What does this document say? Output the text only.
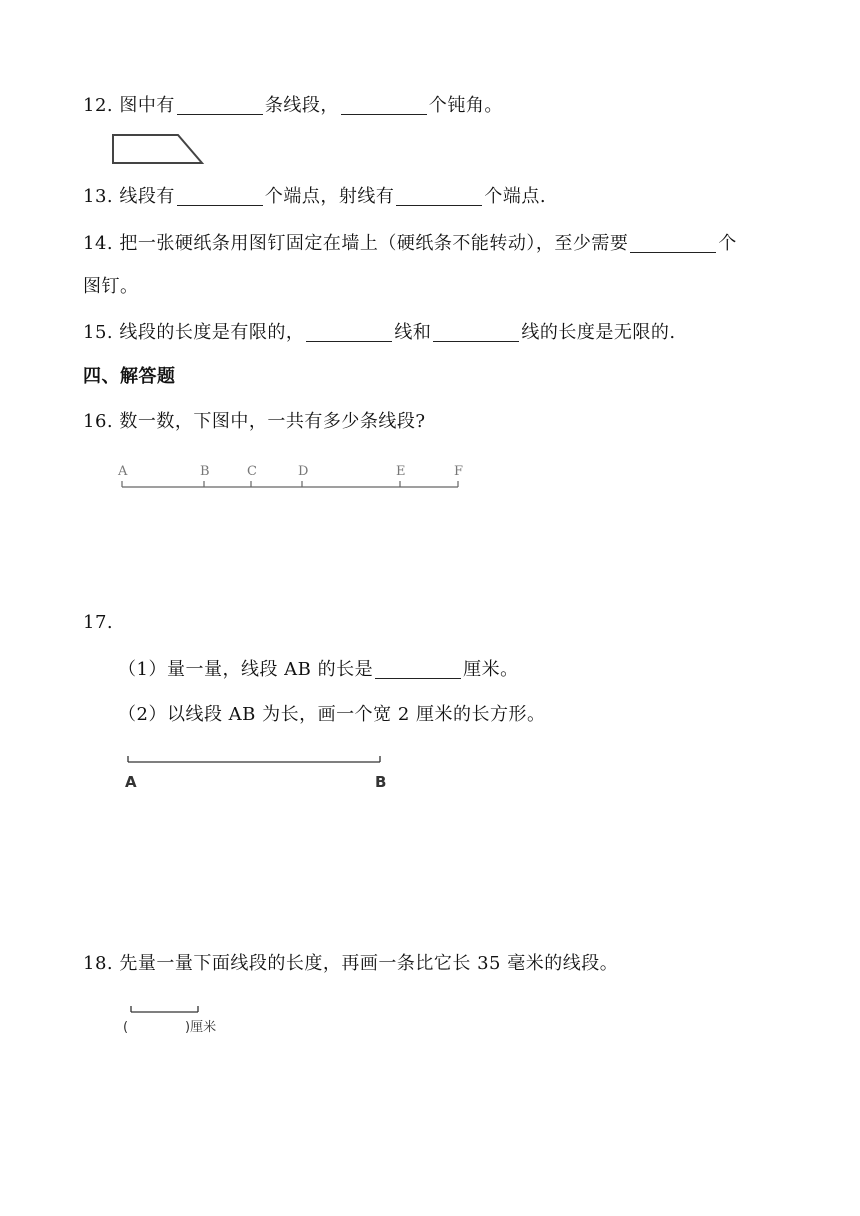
12. 图中有	条线段，	个钝角。
13. 线段有	个端点，射线有	个端点.
14. 把一张硬纸条用图钉固定在墙上（硬纸条不能转动），至少需要	个
图钉。
15. 线段的长度是有限的，	线和	线的长度是无限的.
四、解答题
16. 数一数，下图中，一共有多少条线段?
A	B	C	D	E	F
17.
（1）量一量，线段 AB 的长是	厘米。
（2）以线段 AB 为长，画一个宽 2 厘米的长方形。
A	B
18. 先量一量下面线段的长度，再画一条比它长 35 毫米的线段。
(	)厘米
